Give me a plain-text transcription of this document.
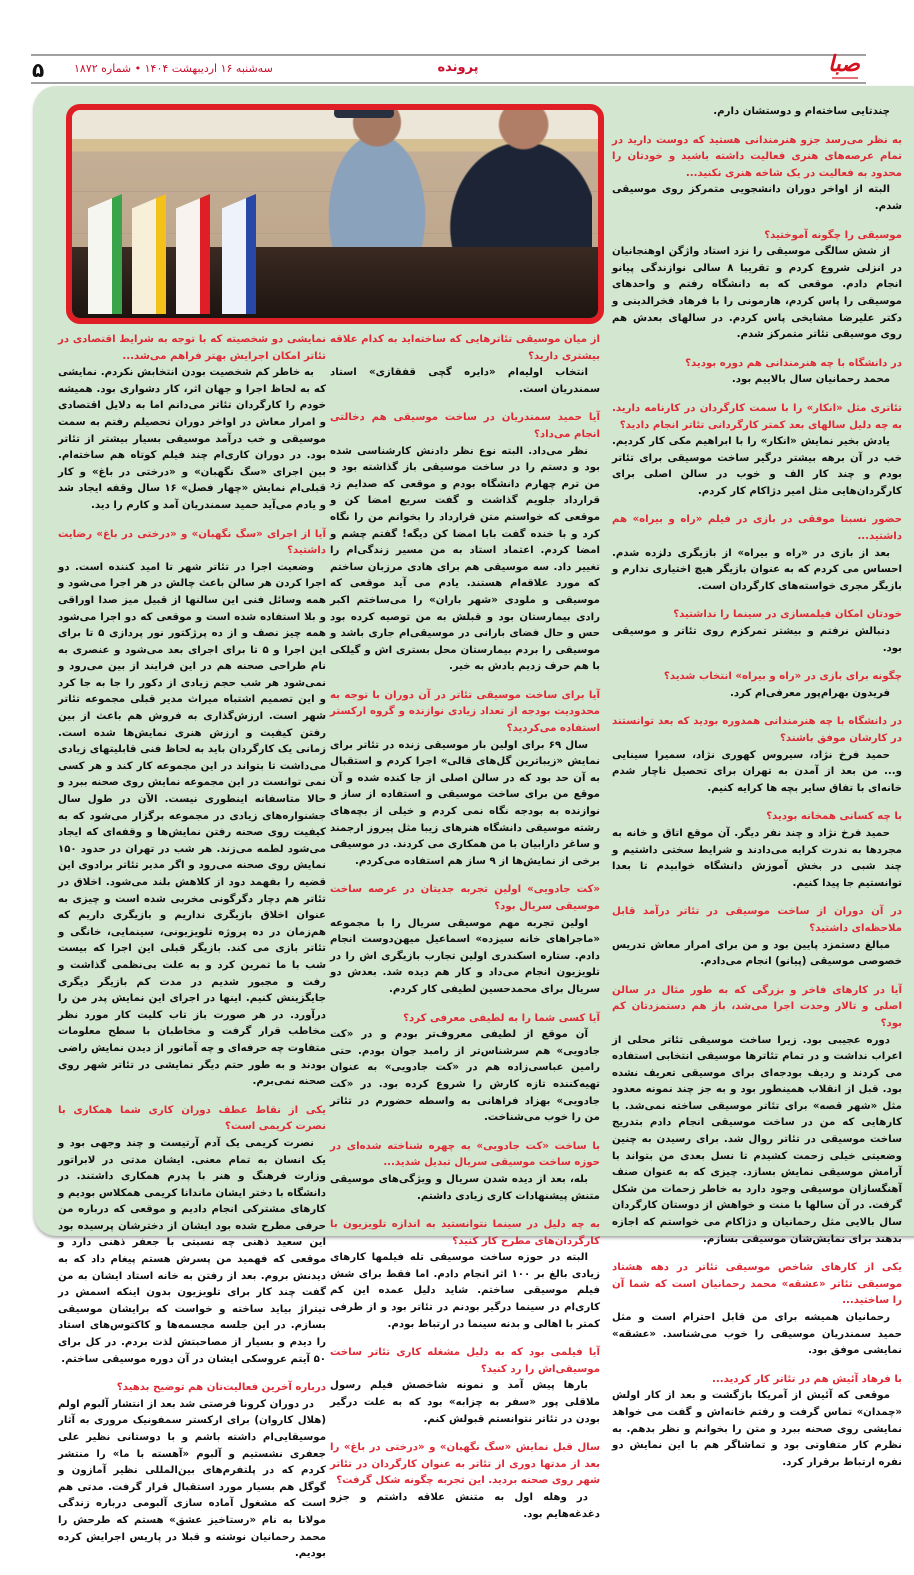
۵	سه‌شنبه ۱۶ اردیبهشت ۱۴۰۴ • شماره ۱۸۷۲	پرونده	صبا

چندتایی ساخته‌ام و دوستشان دارم.

به نظر می‌رسد جزو هنرمندانی هستید که دوست دارید در تمام عرصه‌های هنری فعالیت داشته باشید و خودتان را محدود به فعالیت در یک شاخه هنری نکنید...

البته از اواخر دوران دانشجویی متمرکز روی موسیقی شدم.

موسیقی را چگونه آموختید؟

از شش سالگی موسیقی را نزد استاد واژگن اوهنجانیان در انزلی شروع کردم و تقریبا ۸ سالی نوازندگی پیانو انجام دادم. موقعی که به دانشگاه رفتم و واحدهای موسیقی را پاس کردم، هارمونی را با فرهاد فخرالدینی و دکتر علیرضا مشایخی پاس کردم. در سالهای بعدش هم روی موسیقی تئاتر متمرکز شدم.

در دانشگاه با چه هنرمندانی هم دوره بودید؟

محمد رحمانیان سال بالاییم بود.

تئاتری مثل «انکار» را با سمت کارگردان در کارنامه دارید. به چه دلیل سالهای بعد کمتر کارگردانی تئاتر انجام دادید؟

یادش بخیر نمایش «انکار» را با ابراهیم مکی کار کردیم. خب در آن برهه بیشتر درگیر ساخت موسیقی برای تئاتر بودم و چند کار الف و خوب در سالن اصلی برای کارگردان‌هایی مثل امیر دژاکام کار کردم.

حضور نسبتا موفقی در بازی در فیلم «راه و بیراه» هم داشتید...

بعد از بازی در «راه و بیراه» از بازیگری دلزده شدم. احساس می کردم که به عنوان بازیگر هیچ اختیاری ندارم و بازیگر مجری خواسته‌های کارگردان است.

خودتان امکان فیلمسازی در سینما را نداشتید؟

دنبالش نرفتم و بیشتر تمرکزم روی تئاتر و موسیقی بود.

چگونه برای بازی در «راه و بیراه» انتخاب شدید؟

فریدون بهرام‌پور معرفی‌ام کرد.

در دانشگاه با چه هنرمندانی همدوره بودید که بعد توانستند در کارشان موفق باشند؟

حمید فرخ نژاد، سیروس کهوری نژاد، سمیرا سینایی و... من بعد از آمدن به تهران برای تحصیل ناچار شدم خانه‌ای با تفاق سایر بچه ها کرایه کنیم.

با چه کسانی همخانه بودید؟

حمید فرخ نژاد و چند نفر دیگر. آن موقع اتاق و خانه به مجردها به ندرت کرایه می‌دادند و شرایط سختی داشتیم و چند شبی در بخش آموزش دانشگاه خوابیدم تا بعدا توانستیم جا پیدا کنیم.

در آن دوران از ساخت موسیقی در تئاتر درآمد قابل ملاحظه‌ای داشتید؟

مبالغ دستمزد پایین بود و من برای امرار معاش تدریس خصوصی موسیقی (پیانو) انجام می‌دادم.

آیا در کارهای فاخر و بزرگی که به طور مثال در سالن اصلی و تالار وحدت اجرا می‌شد، باز هم دستمزدتان کم بود؟

دوره عجیبی بود. زیرا ساخت موسیقی تئاتر محلی از اعراب نداشت و در تمام تئاترها موسیقی انتخابی استفاده می کردند و ردیف بودجه‌ای برای موسیقی تعریف نشده بود. قبل از انقلاب همینطور بود و به جز چند نمونه معدود مثل «شهر قصه» برای تئاتر موسیقی ساخته نمی‌شد. با کارهایی که من در ساخت موسیقی انجام دادم بتدریج ساخت موسیقی در تئاتر روال شد. برای رسیدن به چنین وضعیتی خیلی زحمت کشیدم تا نسل بعدی من بتواند با آرامش موسیقی نمایش بسازد. چیزی که به عنوان صنف آهنگسازان موسیقی وجود دارد به خاطر زحمات من شکل گرفت. در آن سالها با منت و خواهش از دوستان کارگردان سال بالایی مثل رحمانیان و دژاکام می خواستم که اجازه بدهند برای نمایش‌شان موسیقی بسازم.

یکی از کارهای شاخص موسیقی تئاتر در دهه هشتاد موسیقی تئاتر «عشقه» محمد رحمانیان است که شما آن را ساختید...

رحمانیان همیشه برای من قابل احترام است و مثل حمید سمندریان موسیقی را خوب می‌شناسد. «عشقه» نمایشی موفق بود.

با فرهاد آئیش هم در تئاتر کار کردید...

موقعی که آئیش از آمریکا بازگشت و بعد از کار اولش «چمدان» تماس گرفت و رفتم خانه‌اش و گفت می خواهد نمایشی روی صحنه ببرد و متن را بخوانم و نظر بدهم. به نظرم کار متفاوتی بود و تماشاگر هم با این نمایش دو نفره ارتباط برقرار کرد.

از میان موسیقی تئاترهایی که ساخته‌اید به کدام علاقه بیشتری دارید؟

انتخاب اولیه‌ام «دایره گچی قفقازی» استاد سمندریان است.

آیا حمید سمندریان در ساخت موسیقی هم دخالتی انجام می‌داد؟

نظر می‌داد. البته نوع نظر دادنش کارشناسی شده بود و دستم را در ساخت موسیقی باز گذاشته بود و من ترم چهارم دانشگاه بودم و موقعی که صدایم زد قرارداد جلویم گذاشت و گفت سریع امضا کن و موقعی که خواستم متن قرارداد را بخوانم من را نگاه کرد و با خنده گفت بابا امضا کن دیگه! گفتم چشم و امضا کردم. اعتماد استاد به من مسیر زندگی‌ام را تغییر داد. سه موسیقی هم برای هادی مرزبان ساختم که مورد علاقه‌ام هستند. یادم می آید موقعی که موسیقی و ملودی «شهر باران» را می‌ساختم اکبر رادی بیمارستان بود و قبلش به من توصیه کرده بود حس و حال فضای بارانی در موسیقی‌ام جاری باشد و موسیقی را بردم بیمارستان محل بستری اش و گیلکی با هم حرف زدیم یادش به خیر.

آیا برای ساخت موسیقی تئاتر در آن دوران با توجه به محدودیت بودجه از تعداد زیادی نوازنده و گروه ارکستر استفاده می‌کردید؟

سال ۶۹ برای اولین بار موسیقی زنده در تئاتر برای نمایش «زیباترین گل‌های قالی» اجرا کردم و استقبال به آن حد بود که در سالن اصلی از جا کنده شده و آن موقع من برای ساخت موسیقی و استفاده از ساز و نوازنده به بودجه نگاه نمی کردم و خیلی از بچه‌های رشته موسیقی دانشگاه هنرهای زیبا مثل پیروز ارجمند و ساغر دارابیان با من همکاری می کردند. در موسیقی برخی از نمایش‌ها از ۹ ساز هم استفاده می‌کردم.

«کت جادویی» اولین تجربه جدیتان در عرصه ساخت موسیقی سریال بود؟

اولین تجربه مهم موسیقی سریال را با مجموعه «ماجراهای خانه سیزده» اسماعیل میهن‌دوست انجام دادم. ستاره اسکندری اولین تجارب بازیگری اش را در تلویزیون انجام می‌داد و کار هم دیده شد. بعدش دو سریال برای محمدحسین لطیفی کار کردم.

آیا کسی شما را به لطیفی معرفی کرد؟

آن موقع از لطیفی معروف‌تر بودم و در «کت جادویی» هم سرشناس‌تر از رامبد جوان بودم. حتی رامین عباسی‌زاده هم در «کت جادویی» به عنوان تهیه‌کننده تازه کارش را شروع کرده بود. در «کت جادویی» بهزاد فراهانی به واسطه حضورم در تئاتر من را خوب می‌شناخت.

با ساخت «کت جادویی» به چهره شناخته شده‌ای در حوزه ساخت موسیقی سریال تبدیل شدید...

بله، بعد از دیده شدن سریال و ویژگی‌های موسیقی متنش پیشنهادات کاری زیادی داشتم.

به چه دلیل در سینما نتوانستید به اندازه تلویزیون با کارگردان‌های مطرح کار کنید؟

البته در حوزه ساخت موسیقی تله فیلمها کارهای زیادی بالغ بر ۱۰۰ اثر انجام دادم. اما فقط برای شش فیلم موسیقی ساختم. شاید دلیل عمده این کم کاری‌ام در سینما درگیر بودنم در تئاتر بود و از طرفی کمتر با اهالی و بدنه سینما در ارتباط بودم.

آیا فیلمی بود که به دلیل مشغله کاری تئاتر ساخت موسیقی‌اش را رد کنید؟

بارها پیش آمد و نمونه شاخصش فیلم رسول ملاقلی پور «سفر به چزابه» بود که به علت درگیر بودن در تئاتر نتوانستم قبولش کنم.

سال قبل نمایش «سگ نگهبان» و «درختی در باغ» را بعد از مدتها دوری از تئاتر به عنوان کارگردان در تئاتر شهر روی صحنه بردید. این تجربه چگونه شکل گرفت؟

در وهله اول به متنش علاقه داشتم و جزو دغدغه‌هایم بود.

نمایشی دو شخصیته که با توجه به شرایط اقتصادی در تئاتر امکان اجرایش بهتر فراهم می‌شد...

به خاطر کم شخصیت بودن انتخابش نکردم. نمایشی که به لحاظ اجرا و جهان اثر، کار دشواری بود. همیشه خودم را کارگردان تئاتر می‌دانم اما به دلایل اقتصادی و امرار معاش در اواخر دوران تحصیلم رفتم به سمت موسیقی و خب درآمد موسیقی بسیار بیشتر از تئاتر بود. در دوران کاری‌ام چند فیلم کوتاه هم ساخته‌ام. بین اجرای «سگ نگهبان» و «درختی در باغ» و کار قبلی‌ام نمایش «چهار فصل» ۱۶ سال وقفه ایجاد شد و یادم می‌آید حمید سمندریان آمد و کارم را دید.

آیا از اجرای «سگ نگهبان» و «درختی در باغ» رضایت داشتید؟

وضعیت اجرا در تئاتر شهر تا امید کننده است. دو اجرا کردن هر سالن باعث چالش در هر اجرا می‌شود و همه وسائل فنی این سالنها از قبیل میز صدا اوراقی و بلا استفاده شده است و موقعی که دو اجرا می‌شود همه چیز نصف و از ده پرژکتور نور پردازی ۵ تا برای این اجرا و ۵ تا برای اجرای بعد می‌شود و عنصری به نام طراحی صحنه هم در این فرایند از بین می‌رود و نمی‌شود هر شب حجم زیادی از دکور را جا به جا کرد و این تصمیم اشتباه میراث مدیر قبلی مجموعه تئاتر شهر است. ارزش‌گذاری به فروش هم باعث از بین رفتن کیفیت و ارزش هنری نمایش‌ها شده است. زمانی یک کارگردان باید به لحاظ فنی قابلیتهای زیادی می‌داشت تا بتواند در این مجموعه کار کند و هر کسی نمی توانست در این مجموعه نمایش روی صحنه ببرد و حالا متاسفانه اینطوری نیست. الآن در طول سال جشنواره‌های زیادی در مجموعه برگزار می‌شود که به کیفیت روی صحنه رفتن نمایش‌ها و وقفه‌ای که ایجاد می‌شود لطمه می‌زند. هر شب در تهران در حدود ۱۵۰ نمایش روی صحنه می‌رود و اگر مدیر تئاتر برادوی این قضیه را بفهمد دود از کلاهش بلند می‌شود. اخلاق در تئاتر هم دچار دگرگونی مخربی شده است و چیزی به عنوان اخلاق بازیگری نداریم و بازیگری داریم که هم‌زمان در ده پروژه تلویزیونی، سینمایی، خانگی و تئاتر بازی می کند. بازیگر قبلی این اجرا که بیست شب با ما تمرین کرد و به علت بی‌نظمی گذاشت و رفت و مجبور شدیم در مدت کم بازیگر دیگری جایگزینش کنیم. اینها در اجرای این نمایش پدر من را درآورد. در هر صورت باز تاب کلیت کار مورد نظر مخاطب قرار گرفت و مخاطبان با سطح معلومات متفاوت چه حرفه‌ای و چه آماتور از دیدن نمایش راضی بودند و به طور حتم دیگر نمایشی در تئاتر شهر روی صحنه نمی‌برم.

یکی از نقاط عطف دوران کاری شما همکاری با نصرت کریمی است؟

نصرت کریمی یک آدم آرتیست و چند وجهی بود و یک انسان به تمام معنی. ایشان مدتی در لابراتور وزارت فرهنگ و هنر با پدرم همکاری داشتند. در دانشگاه با دختر ایشان ماندانا کریمی همکلاس بودیم و کارهای مشترکی انجام دادیم و موقعی که درباره من حرفی مطرح شده بود ایشان از دخترشان پرسیده بود این سعید ذهنی چه نسبتی با جعفر ذهنی دارد و موقعی که فهمید من پسرش هستم پیغام داد که به دیدنش بروم. بعد از رفتن به خانه استاد ایشان به من گفت چند کار برای تلویزیون بدون اینکه اسمش در تیتراژ بیاید ساخته و خواست که برایشان موسیقی بسازم. در این جلسه مجسمه‌ها و کاکتوس‌های استاد را دیدم و بسیار از مصاحبتش لذت بردم. در کل برای ۵۰ آیتم عروسکی ایشان در آن دوره موسیقی ساختم.

درباره آخرین فعالیت‌تان هم توضیح بدهید؟

در دوران کرونا فرصتی شد بعد از انتشار آلبوم اولم (هلال کاروان) برای ارکستر سمفونیک مروری به آثار موسیقایی‌ام داشته باشم و با دوستانی نظیر علی جعفری نشستیم و آلبوم «آهسته با ما» را منتشر کردم که در پلتفرم‌های بین‌المللی نظیر آمازون و گوگل هم بسیار مورد استقبال قرار گرفت. مدتی هم است که مشغول آماده سازی آلبومی درباره زندگی مولانا به نام «رستاخیز عشق» هستم که طرحش را محمد رحمانیان نوشته و قبلا در پاریس اجرایش کرده بودیم.
